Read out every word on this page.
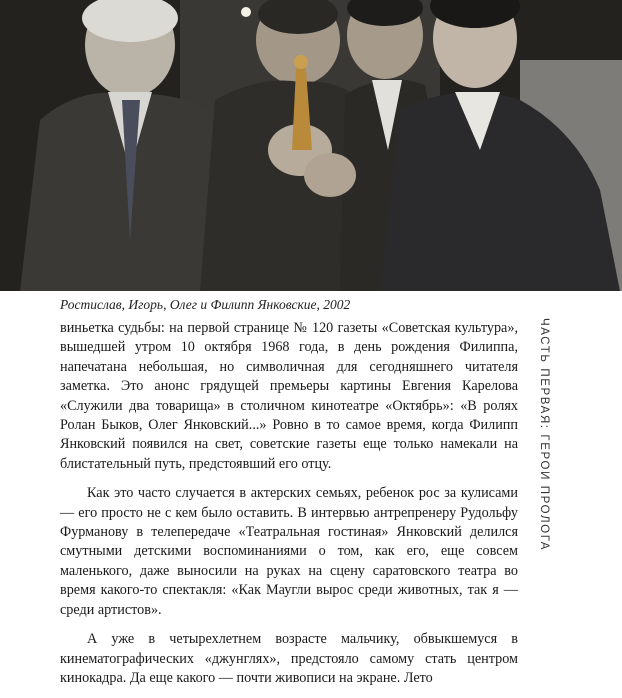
Ростислав, Игорь, Олег и Филипп Янковские, 2002

виньетка судьбы: на первой странице № 120 газеты «Советская культура», вышедшей утром 10 октября 1968 года, в день рождения Филиппа, напечатана небольшая, но символичная для сегодняшнего читателя заметка. Это анонс грядущей премьеры картины Евгения Карелова «Служили два товарища» в столичном кинотеатре «Октябрь»: «В ролях Ролан Быков, Олег Янковский...» Ровно в то самое время, когда Филипп Янковский появился на свет, советские газеты еще только намекали на блистательный путь, предстоявший его отцу.

Как это часто случается в актерских семьях, ребенок рос за кулисами — его просто не с кем было оставить. В интервью антрепренеру Рудольфу Фурманову в телепередаче «Театральная гостиная» Янковский делился смутными детскими воспоминаниями о том, как его, еще совсем маленького, даже выносили на руках на сцену саратовского театра во время какого-то спектакля: «Как Маугли вырос среди животных, так я — среди артистов».

А уже в четырехлетнем возрасте мальчику, обвыкшемуся в кинематографических «джунглях», предстояло самому стать центром кинокадра. Да еще какого — почти живописи на экране. Лето

ЧАСТЬ ПЕРВАЯ: ГЕРОИ ПРОЛОГА
